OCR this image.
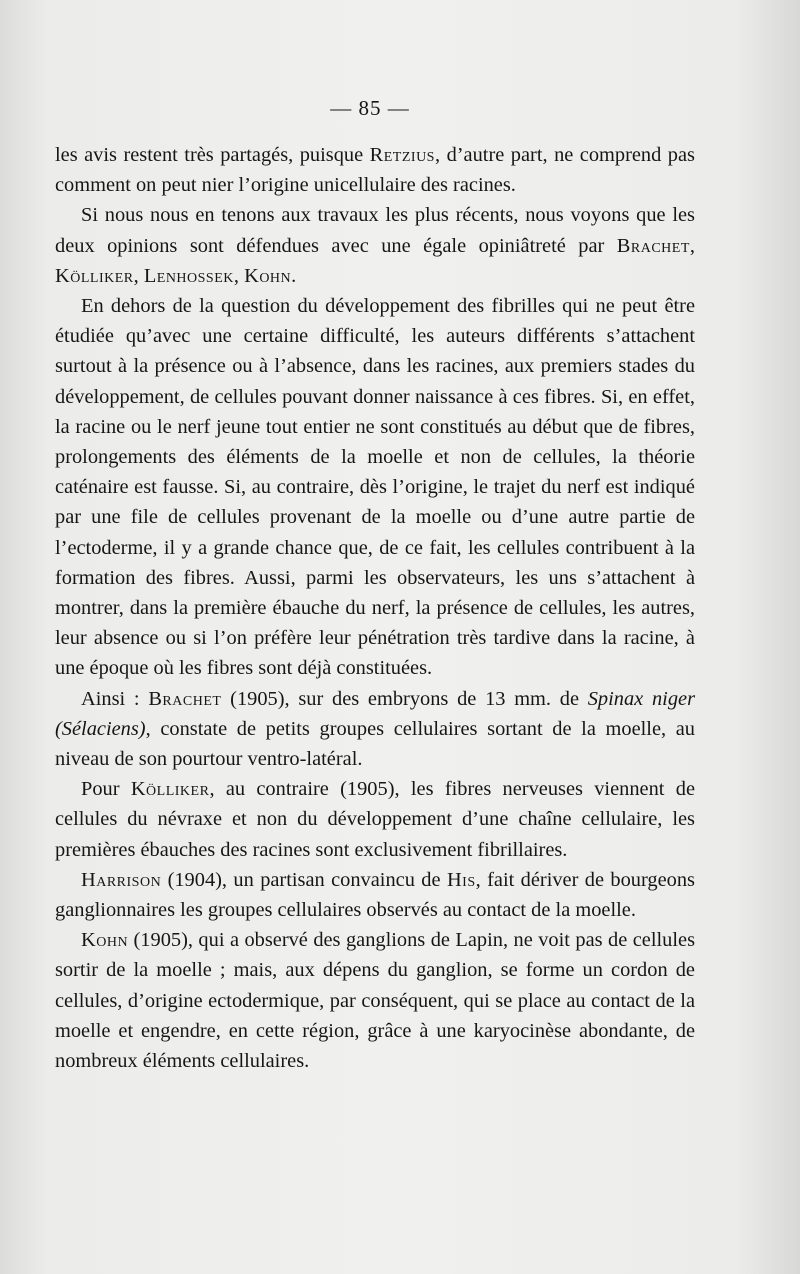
— 85 —

les avis restent très partagés, puisque Retzius, d’autre part, ne comprend pas comment on peut nier l’origine unicellulaire des racines.

Si nous nous en tenons aux travaux les plus récents, nous voyons que les deux opinions sont défendues avec une égale opiniâtreté par Brachet, Kölliker, Lenhossek, Kohn.

En dehors de la question du développement des fibrilles qui ne peut être étudiée qu’avec une certaine difficulté, les auteurs différents s’attachent surtout à la présence ou à l’absence, dans les racines, aux premiers stades du développement, de cellules pouvant donner naissance à ces fibres. Si, en effet, la racine ou le nerf jeune tout entier ne sont constitués au début que de fibres, prolongements des éléments de la moelle et non de cellules, la théorie caténaire est fausse. Si, au contraire, dès l’origine, le trajet du nerf est indiqué par une file de cellules provenant de la moelle ou d’une autre partie de l’ectoderme, il y a grande chance que, de ce fait, les cellules contribuent à la formation des fibres. Aussi, parmi les observateurs, les uns s’attachent à montrer, dans la première ébauche du nerf, la présence de cellules, les autres, leur absence ou si l’on préfère leur pénétration très tardive dans la racine, à une époque où les fibres sont déjà constituées.

Ainsi : Brachet (1905), sur des embryons de 13 mm. de Spinax niger (Sélaciens), constate de petits groupes cellulaires sortant de la moelle, au niveau de son pourtour ventro-latéral.

Pour Kölliker, au contraire (1905), les fibres nerveuses viennent de cellules du névraxe et non du développement d’une chaîne cellulaire, les premières ébauches des racines sont exclusivement fibrillaires.

Harrison (1904), un partisan convaincu de His, fait dériver de bourgeons ganglionnaires les groupes cellulaires observés au contact de la moelle.

Kohn (1905), qui a observé des ganglions de Lapin, ne voit pas de cellules sortir de la moelle ; mais, aux dépens du ganglion, se forme un cordon de cellules, d’origine ectodermique, par conséquent, qui se place au contact de la moelle et engendre, en cette région, grâce à une karyocinèse abondante, de nombreux éléments cellulaires.
